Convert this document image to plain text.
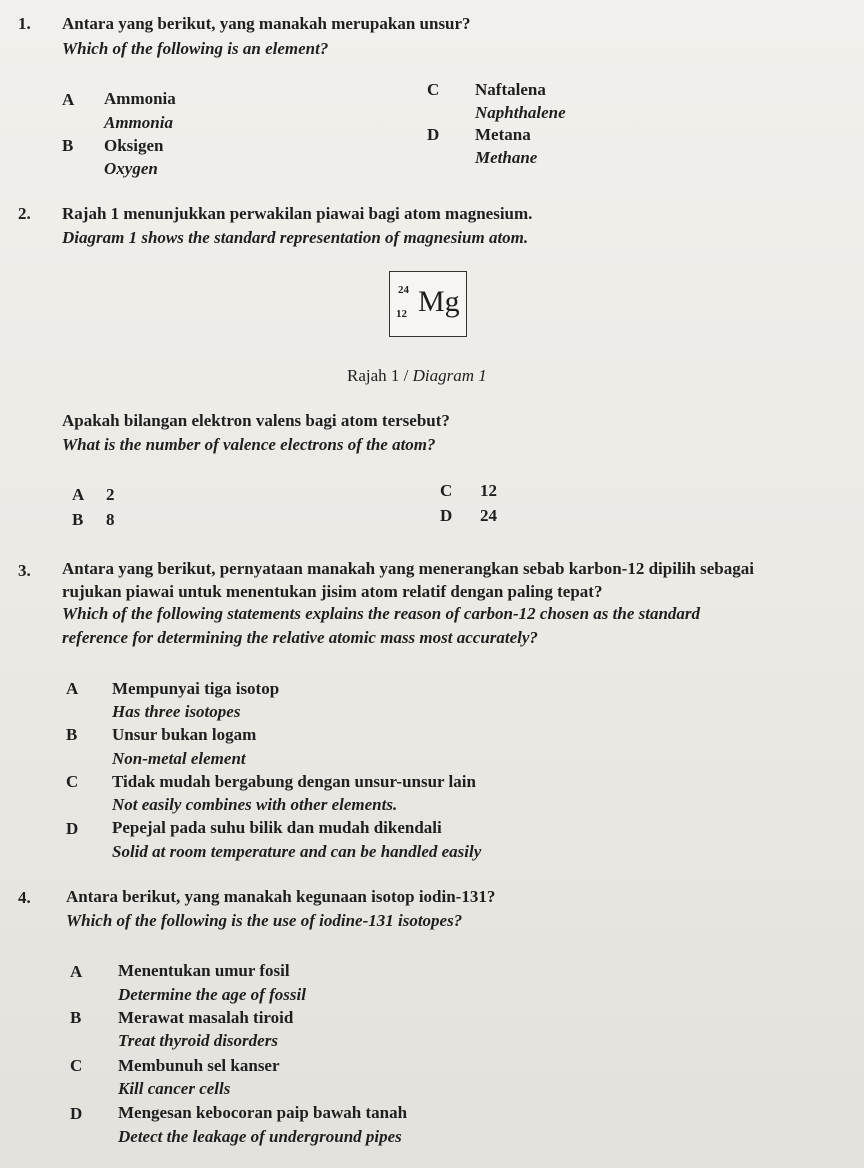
1. Antara yang berikut, yang manakah merupakan unsur?
Which of the following is an element?
A Ammonia
Ammonia
B Oksigen
Oxygen
C Naftalena
Naphthalene
D Metana
Methane
2. Rajah 1 menunjukkan perwakilan piawai bagi atom magnesium.
Diagram 1 shows the standard representation of magnesium atom.
24
12 Mg
Rajah 1 / Diagram 1
Apakah bilangan elektron valens bagi atom tersebut?
What is the number of valence electrons of the atom?
A 2
B 8
C 12
D 24
3. Antara yang berikut, pernyataan manakah yang menerangkan sebab karbon-12 dipilih sebagai
rujukan piawai untuk menentukan jisim atom relatif dengan paling tepat?
Which of the following statements explains the reason of carbon-12 chosen as the standard
reference for determining the relative atomic mass most accurately?
A Mempunyai tiga isotop
Has three isotopes
B Unsur bukan logam
Non-metal element
C Tidak mudah bergabung dengan unsur-unsur lain
Not easily combines with other elements.
D Pepejal pada suhu bilik dan mudah dikendali
Solid at room temperature and can be handled easily
4. Antara berikut, yang manakah kegunaan isotop iodin-131?
Which of the following is the use of iodine-131 isotopes?
A Menentukan umur fosil
Determine the age of fossil
B Merawat masalah tiroid
Treat thyroid disorders
C Membunuh sel kanser
Kill cancer cells
D Mengesan kebocoran paip bawah tanah
Detect the leakage of underground pipes
